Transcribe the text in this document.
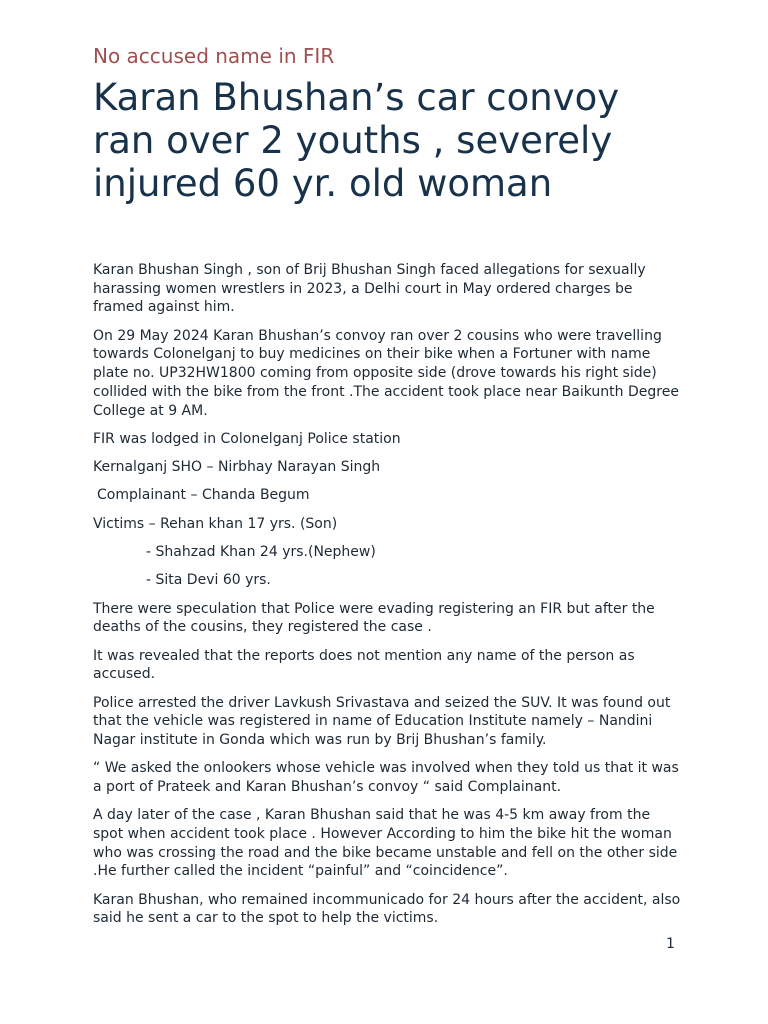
No accused name in FIR

Karan Bhushan’s car convoy ran over 2 youths , severely injured 60 yr. old woman

Karan Bhushan Singh , son of Brij Bhushan Singh faced allegations for sexually harassing women wrestlers in 2023, a Delhi court in May ordered charges be framed against him.

On 29 May 2024 Karan Bhushan’s convoy ran over 2 cousins who were travelling towards Colonelganj to buy medicines on their bike when a Fortuner with name plate no. UP32HW1800 coming from opposite side (drove towards his right side) collided with the bike from the front .The accident took place near Baikunth Degree College at 9 AM.

FIR was lodged in Colonelganj Police station

Kernalganj SHO – Nirbhay Narayan Singh

Complainant – Chanda Begum

Victims – Rehan khan 17 yrs. (Son)

- Shahzad Khan 24 yrs.(Nephew)

- Sita Devi 60 yrs.

There were speculation that Police were evading registering an FIR but after the deaths of the cousins, they registered the case .

It was revealed that the reports does not mention any name of the person as accused.

Police arrested the driver Lavkush Srivastava and seized the SUV. It was found out that the vehicle was registered in name of Education Institute namely – Nandini Nagar institute in Gonda which was run by Brij Bhushan’s family.

“ We asked the onlookers whose vehicle was involved when they told us that it was a port of Prateek and Karan Bhushan’s convoy “ said Complainant.

A day later of the case , Karan Bhushan said that he was 4-5 km away from the spot when accident took place . However According to him the bike hit the woman who was crossing the road and the bike became unstable and fell on the other side .He further called the incident “painful” and “coincidence”.

Karan Bhushan, who remained incommunicado for 24 hours after the accident, also said he sent a car to the spot to help the victims.

1
